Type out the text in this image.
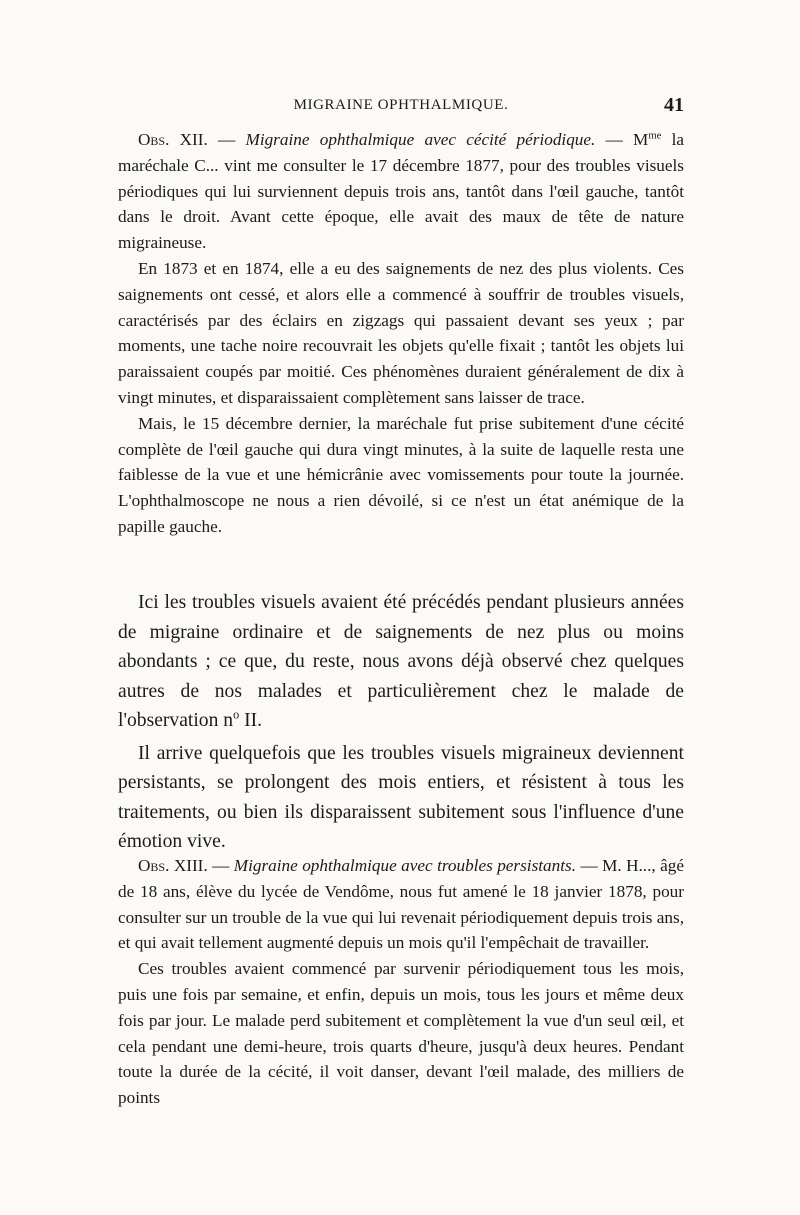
MIGRAINE OPHTHALMIQUE.	41

Obs. XII. — Migraine ophthalmique avec cécité périodique. — $M^{me}$ la maréchale C... vint me consulter le 17 décembre 1877, pour des troubles visuels périodiques qui lui surviennent depuis trois ans, tantôt dans l'œil gauche, tantôt dans le droit. Avant cette époque, elle avait des maux de tête de nature migraineuse.

En 1873 et en 1874, elle a eu des saignements de nez des plus violents. Ces saignements ont cessé, et alors elle a commencé à souffrir de troubles visuels, caractérisés par des éclairs en zigzags qui passaient devant ses yeux ; par moments, une tache noire recouvrait les objets qu'elle fixait ; tantôt les objets lui paraissaient coupés par moitié. Ces phénomènes duraient généralement de dix à vingt minutes, et disparaissaient complètement sans laisser de trace.

Mais, le 15 décembre dernier, la maréchale fut prise subitement d'une cécité complète de l'œil gauche qui dura vingt minutes, à la suite de laquelle resta une faiblesse de la vue et une hémicrânie avec vomissements pour toute la journée. L'ophthalmoscope ne nous a rien dévoilé, si ce n'est un état anémique de la papille gauche.

Ici les troubles visuels avaient été précédés pendant plusieurs années de migraine ordinaire et de saignements de nez plus ou moins abondants ; ce que, du reste, nous avons déjà observé chez quelques autres de nos malades et particulièrement chez le malade de l'observation $n^o$ II.

Il arrive quelquefois que les troubles visuels migraineux deviennent persistants, se prolongent des mois entiers, et résistent à tous les traitements, ou bien ils disparaissent subitement sous l'influence d'une émotion vive.

Obs. XIII. — Migraine ophthalmique avec troubles persistants. — M. H..., âgé de 18 ans, élève du lycée de Vendôme, nous fut amené le 18 janvier 1878, pour consulter sur un trouble de la vue qui lui revenait périodiquement depuis trois ans, et qui avait tellement augmenté depuis un mois qu'il l'empêchait de travailler.

Ces troubles avaient commencé par survenir périodiquement tous les mois, puis une fois par semaine, et enfin, depuis un mois, tous les jours et même deux fois par jour. Le malade perd subitement et complètement la vue d'un seul œil, et cela pendant une demi-heure, trois quarts d'heure, jusqu'à deux heures. Pendant toute la durée de la cécité, il voit danser, devant l'œil malade, des milliers de points
